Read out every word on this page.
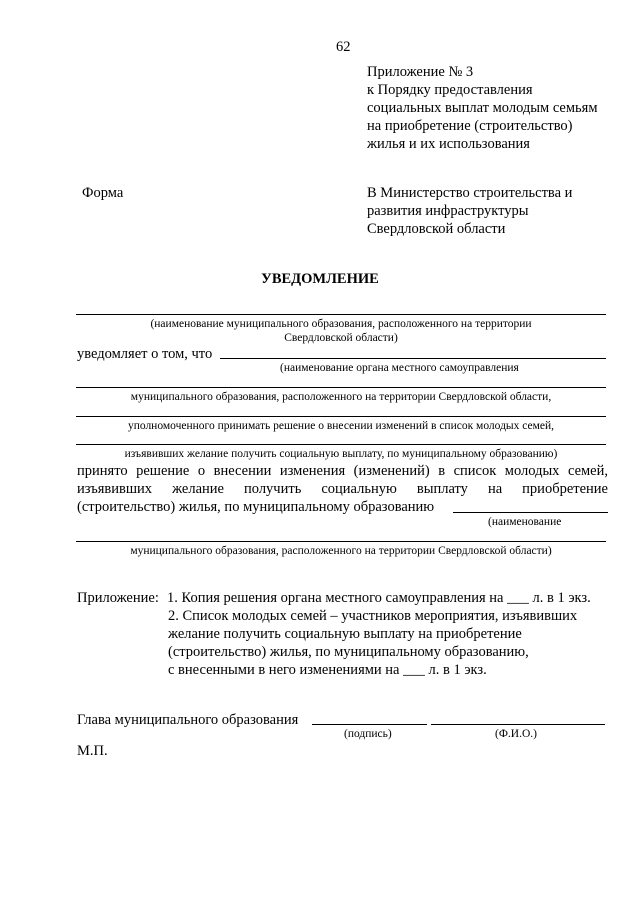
62
Приложение № 3
к Порядку предоставления
социальных выплат молодым семьям
на приобретение (строительство)
жилья и их использования
Форма	В Министерство строительства и
развития инфраструктуры
Свердловской области
УВЕДОМЛЕНИЕ
(наименование муниципального образования, расположенного на территории
Свердловской области)
уведомляет о том, что
(наименование органа местного самоуправления
муниципального образования, расположенного на территории Свердловской области,
уполномоченного принимать решение о внесении изменений в список молодых семей,
изъявивших желание получить социальную выплату, по муниципальному образованию)
принято решение о внесении изменения (изменений) в список молодых семей,
изъявивших желание получить социальную выплату на приобретение
(строительство) жилья, по муниципальному образованию
(наименование
муниципального образования, расположенного на территории Свердловской области)
Приложение: 1. Копия решения органа местного самоуправления на ___ л. в 1 экз.
2. Список молодых семей – участников мероприятия, изъявивших
желание получить социальную выплату на приобретение
(строительство) жилья, по муниципальному образованию,
с внесенными в него изменениями на ___ л. в 1 экз.
Глава муниципального образования
(подпись)	(Ф.И.О.)
М.П.
